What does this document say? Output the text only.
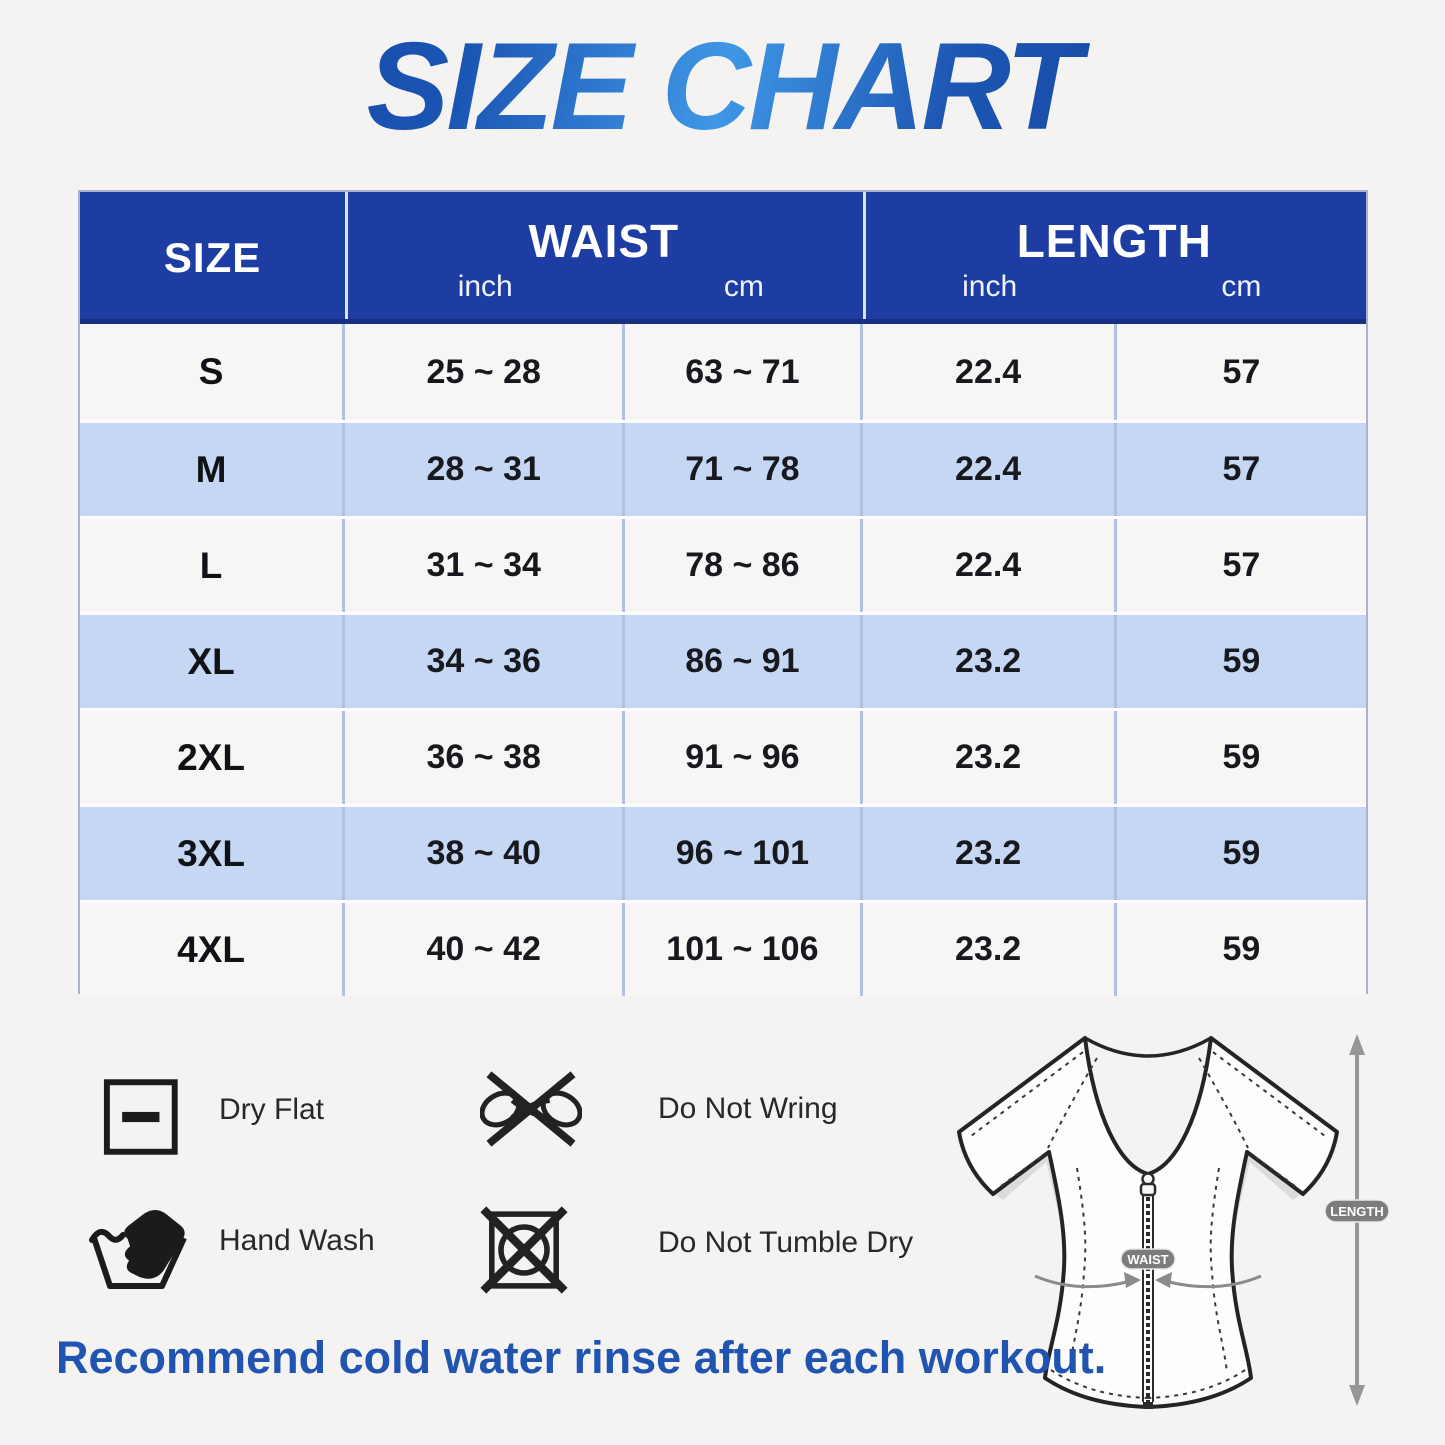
SIZE CHART
SIZE	WAIST	LENGTH
inch	cm	inch	cm
S	25 ~ 28	63 ~ 71	22.4	57
M	28 ~ 31	71 ~ 78	22.4	57
L	31 ~ 34	78 ~ 86	22.4	57
XL	34 ~ 36	86 ~ 91	23.2	59
2XL	36 ~ 38	91 ~ 96	23.2	59
3XL	38 ~ 40	96 ~ 101	23.2	59
4XL	40 ~ 42	101 ~ 106	23.2	59
Dry Flat	Do Not Wring
Hand Wash	Do Not Tumble Dry
WAIST
LENGTH
Recommend cold water rinse after each workout.
